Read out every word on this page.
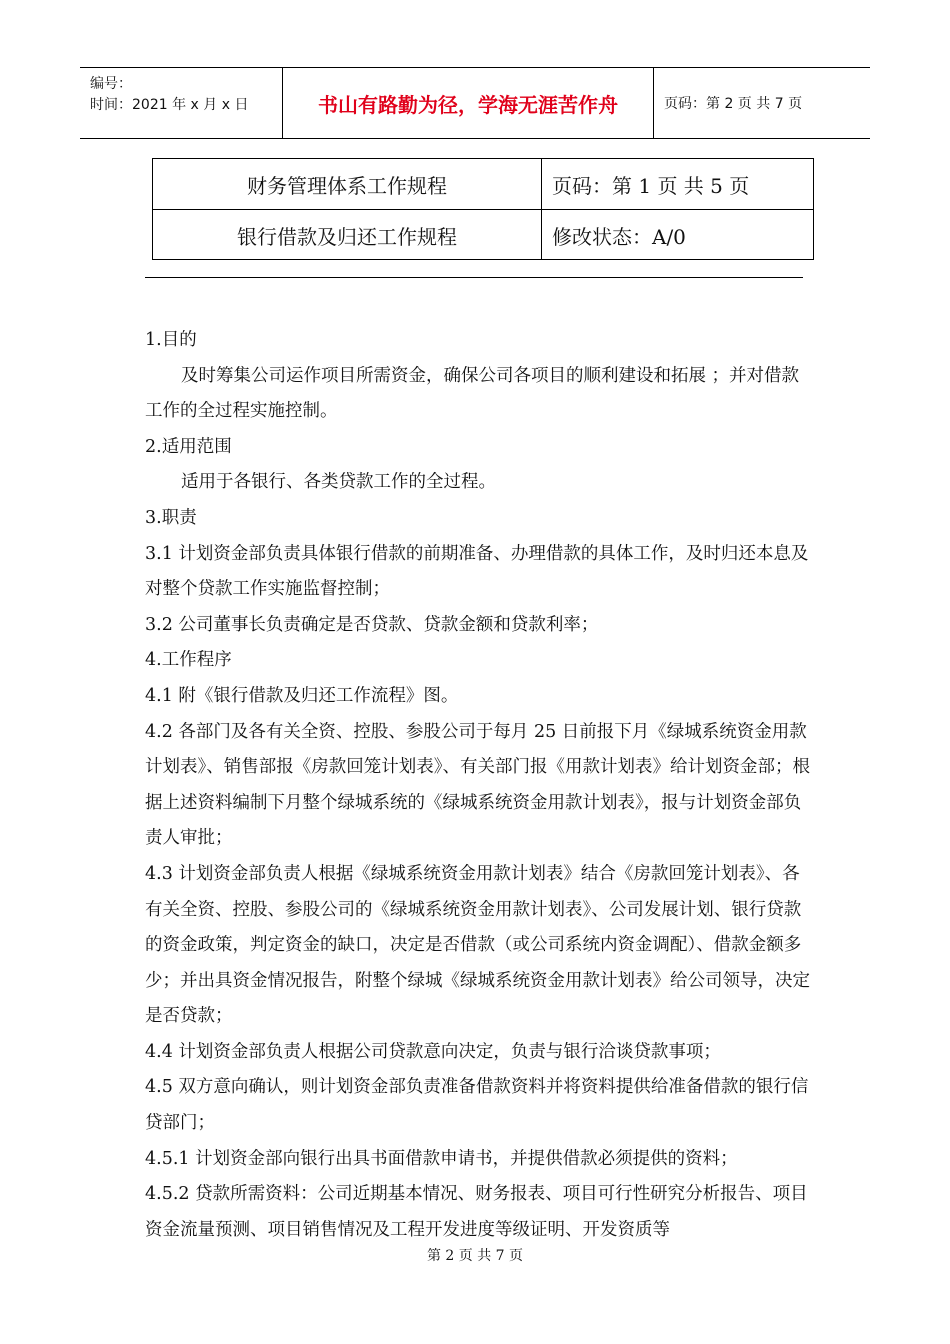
编号：
时间：2021 年 x 月 x 日	书山有路勤为径，学海无涯苦作舟	页码：第 2 页 共 7 页
财务管理体系工作规程	页码：第 1 页 共 5 页
银行借款及归还工作规程	修改状态：A/0

1.目的

及时筹集公司运作项目所需资金，确保公司各项目的顺利建设和拓展 ；并对借款工作的全过程实施控制。

2.适用范围

适用于各银行、各类贷款工作的全过程。

3.职责

3.1 计划资金部负责具体银行借款的前期准备、办理借款的具体工作，及时归还本息及对整个贷款工作实施监督控制；

3.2 公司董事长负责确定是否贷款、贷款金额和贷款利率；

4.工作程序

4.1 附《银行借款及归还工作流程》图。

4.2 各部门及各有关全资、控股、参股公司于每月 25 日前报下月《绿城系统资金用款计划表》、销售部报《房款回笼计划表》、有关部门报《用款计划表》给计划资金部；根据上述资料编制下月整个绿城系统的《绿城系统资金用款计划表》，报与计划资金部负责人审批；

4.3 计划资金部负责人根据《绿城系统资金用款计划表》结合《房款回笼计划表》、各有关全资、控股、参股公司的《绿城系统资金用款计划表》、公司发展计划、银行贷款的资金政策，判定资金的缺口，决定是否借款（或公司系统内资金调配）、借款金额多少；并出具资金情况报告，附整个绿城《绿城系统资金用款计划表》给公司领导，决定是否贷款；

4.4 计划资金部负责人根据公司贷款意向决定，负责与银行洽谈贷款事项；

4.5 双方意向确认，则计划资金部负责准备借款资料并将资料提供给准备借款的银行信贷部门；

4.5.1 计划资金部向银行出具书面借款申请书，并提供借款必须提供的资料；

4.5.2 贷款所需资料：公司近期基本情况、财务报表、项目可行性研究分析报告、项目资金流量预测、项目销售情况及工程开发进度等级证明、开发资质等

第 2 页 共 7 页
